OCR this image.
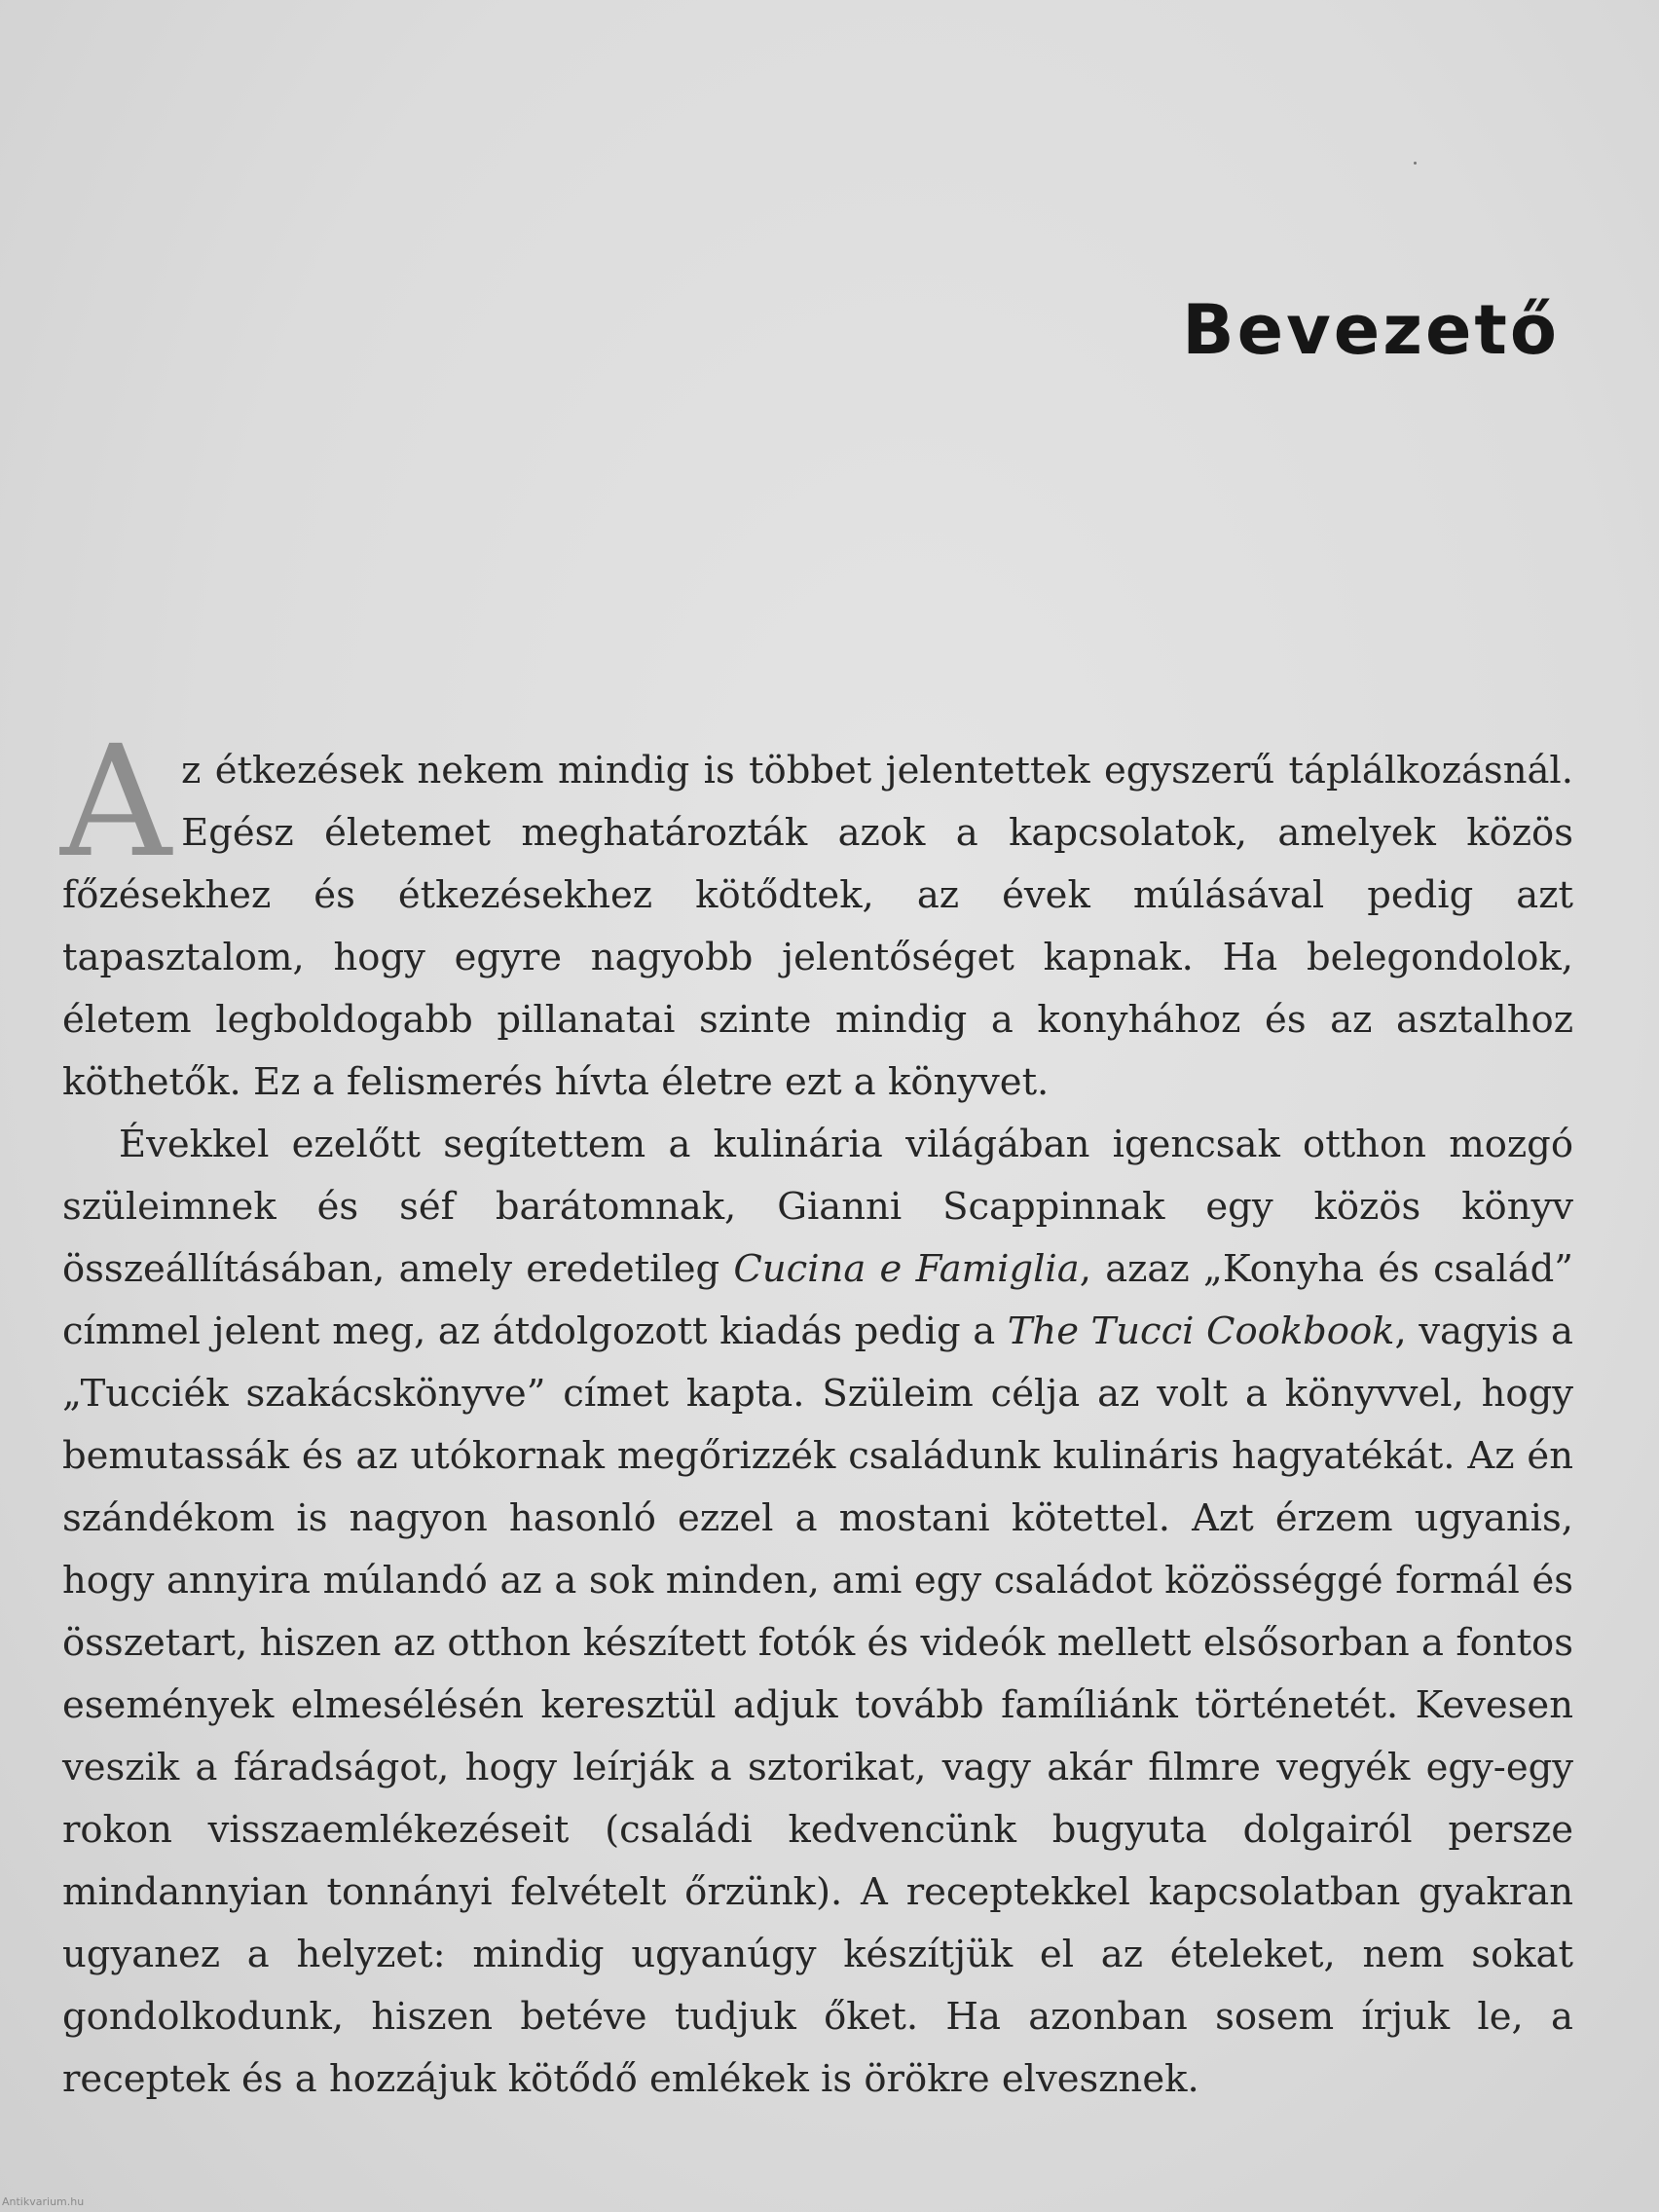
Bevezető

Az étkezések nekem mindig is többet jelentettek egyszerű táplálkozásnál. Egész életemet meghatározták azok a kapcsolatok, amelyek közös főzésekhez és étkezésekhez kötődtek, az évek múlásával pedig azt tapasztalom, hogy egyre nagyobb jelentőséget kapnak. Ha belegondolok, életem legboldogabb pillanatai szinte mindig a konyhához és az asztalhoz köthetők. Ez a felismerés hívta életre ezt a könyvet.

Évekkel ezelőtt segítettem a kulinária világában igencsak otthon mozgó szüleimnek és séf barátomnak, Gianni Scappinnak egy közös könyv összeállításában, amely eredetileg Cucina e Famiglia, azaz „Konyha és család” címmel jelent meg, az átdolgozott kiadás pedig a The Tucci Cookbook, vagyis a „Tucciék szakácskönyve” címet kapta. Szüleim célja az volt a könyvvel, hogy bemutassák és az utókornak megőrizzék családunk kulináris hagyatékát. Az én szándékom is nagyon hasonló ezzel a mostani kötettel. Azt érzem ugyanis, hogy annyira múlandó az a sok minden, ami egy családot közösséggé formál és összetart, hiszen az otthon készített fotók és videók mellett elsősorban a fontos események elmesélésén keresztül adjuk tovább famíliánk történetét. Kevesen veszik a fáradságot, hogy leírják a sztorikat, vagy akár filmre vegyék egy-egy rokon visszaemlékezéseit (családi kedvencünk bugyuta dolgairól persze mindannyian tonnányi felvételt őrzünk). A receptekkel kapcsolatban gyakran ugyanez a helyzet: mindig ugyanúgy készítjük el az ételeket, nem sokat gondolkodunk, hiszen betéve tudjuk őket. Ha azonban sosem írjuk le, a receptek és a hozzájuk kötődő emlékek is örökre elvesznek.

Antikvarium.hu
